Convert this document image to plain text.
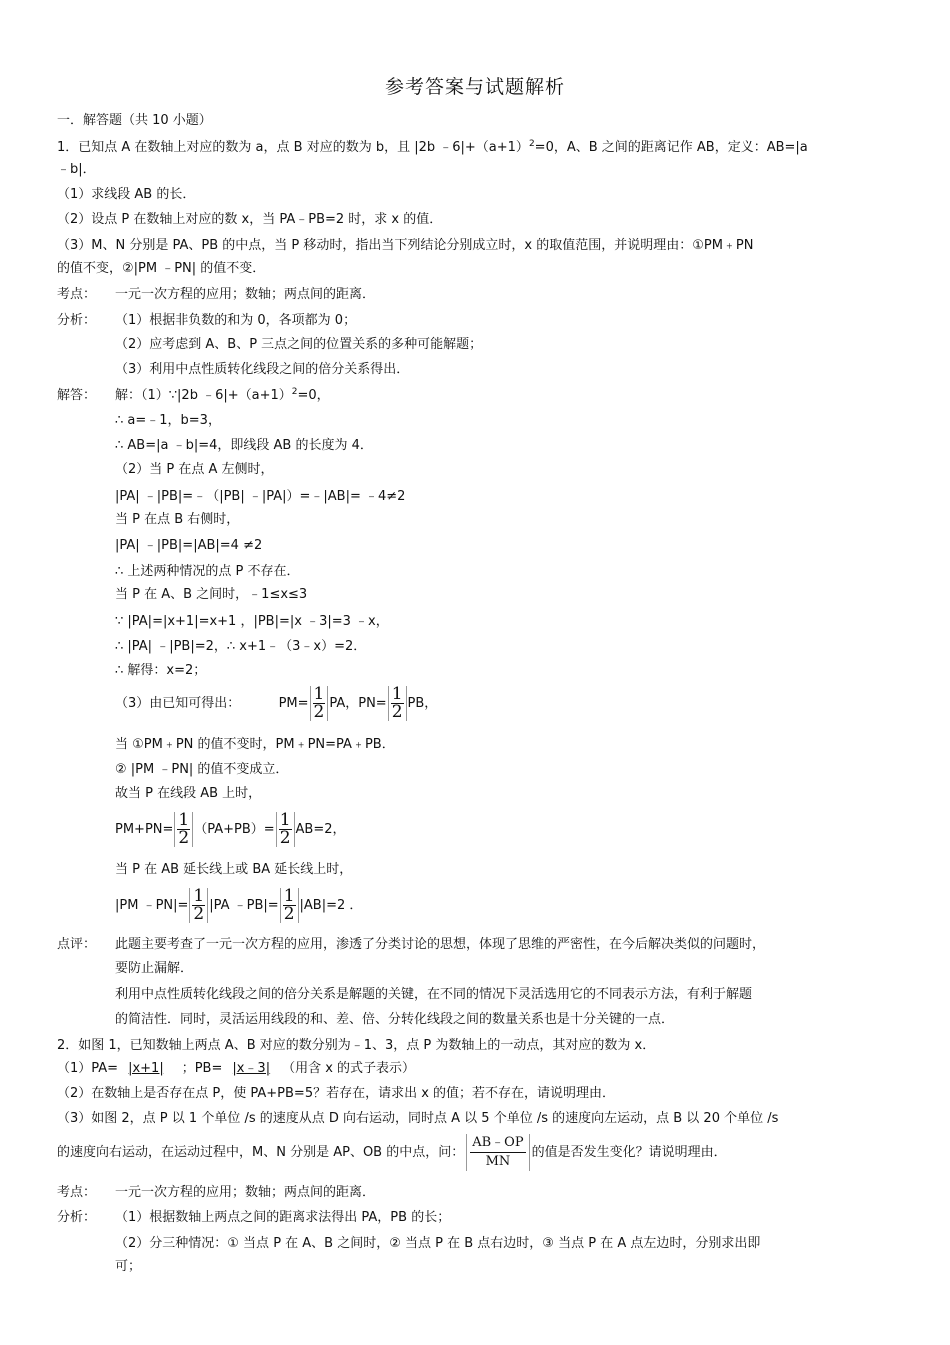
参考答案与试题解析
一．解答题（共 10 小题）
1．已知点 A 在数轴上对应的数为 a，点 B 对应的数为 b，且 |2b $﹣6|+(a+1)^2=0$，A、B 之间的距离记作 AB，定义：AB=|a
﹣b|．
（1）求线段 AB 的长．
（2）设点 P 在数轴上对应的数 x，当 PA﹣PB=2 时，求 x 的值．
（3）M、N 分别是 PA、PB 的中点，当 P 移动时，指出当下列结论分别成立时，x 的取值范围，并说明理由：①PM﹢PN
的值不变，②|PM ﹣PN| 的值不变．
考点： 一元一次方程的应用；数轴；两点间的距离．
分析： （1）根据非负数的和为 0，各项都为 0；
（2）应考虑到 A、B、P 三点之间的位置关系的多种可能解题；
（3）利用中点性质转化线段之间的倍分关系得出．
解答： 解：（1）∵|2b $﹣6|+(a+1)^2=0$，
∴ a=﹣1，b=3，
∴ AB=|a ﹣b|=4，即线段 AB 的长度为 4．
（2）当 P 在点 A 左侧时，
|PA| ﹣|PB|=﹣（|PB| ﹣|PA|）=﹣|AB|= ﹣4≠2
当 P 在点 B 右侧时，
|PA| ﹣|PB|=|AB|=4 ≠2
∴ 上述两种情况的点 P 不存在．
当 P 在 A、B 之间时，﹣1≤x≤3
∵ |PA|=|x+1|=x+1 ，|PB|=|x ﹣3|=3 ﹣x，
∴ |PA| ﹣|PB|=2，∴ x+1﹣（3﹣x）=2．
∴ 解得：x=2；
（3）由已知可得出：	$PM= \frac{1}{2}$ PA，$PN= \frac{1}{2}$ PB，
当 ①PM﹢PN 的值不变时，PM﹢PN=PA﹢PB．
② |PM ﹣PN| 的值不变成立．
故当 P 在线段 AB 上时，
$PM+PN= \frac{1}{2} (PA+PB)= \frac{1}{2} AB=2$，
当 P 在 AB 延长线上或 BA 延长线上时，
|PM ﹣PN|= $\frac{1}{2} |PA$ ﹣PB|= $\frac{1}{2} |AB|=2$ ．
点评： 此题主要考查了一元一次方程的应用，渗透了分类讨论的思想，体现了思维的严密性，在今后解决类似的问题时，
要防止漏解．
利用中点性质转化线段之间的倍分关系是解题的关键，在不同的情况下灵活选用它的不同表示方法，有利于解题
的简洁性．同时，灵活运用线段的和、差、倍、分转化线段之间的数量关系也是十分关键的一点．
2．如图 1，已知数轴上两点 A、B 对应的数分别为﹣1、3，点 P 为数轴上的一动点，其对应的数为 x．
（1）PA= |x+1| ；PB= |x﹣3| （用含 x 的式子表示）
（2）在数轴上是否存在点 P，使 PA+PB=5？若存在，请求出 x 的值；若不存在，请说明理由．
（3）如图 2，点 P 以 1 个单位 /s 的速度从点 D 向右运动，同时点 A 以 5 个单位 /s 的速度向左运动，点 B 以 20 个单位 /s
的速度向右运动，在运动过程中，M、N 分别是 AP、OB 的中点，问： $\frac{AB﹣OP}{MN}$ 的值是否发生变化？请说明理由．
考点： 一元一次方程的应用；数轴；两点间的距离．
分析： （1）根据数轴上两点之间的距离求法得出 PA，PB 的长；
（2）分三种情况：① 当点 P 在 A、B 之间时，② 当点 P 在 B 点右边时，③ 当点 P 在 A 点左边时，分别求出即
可；
